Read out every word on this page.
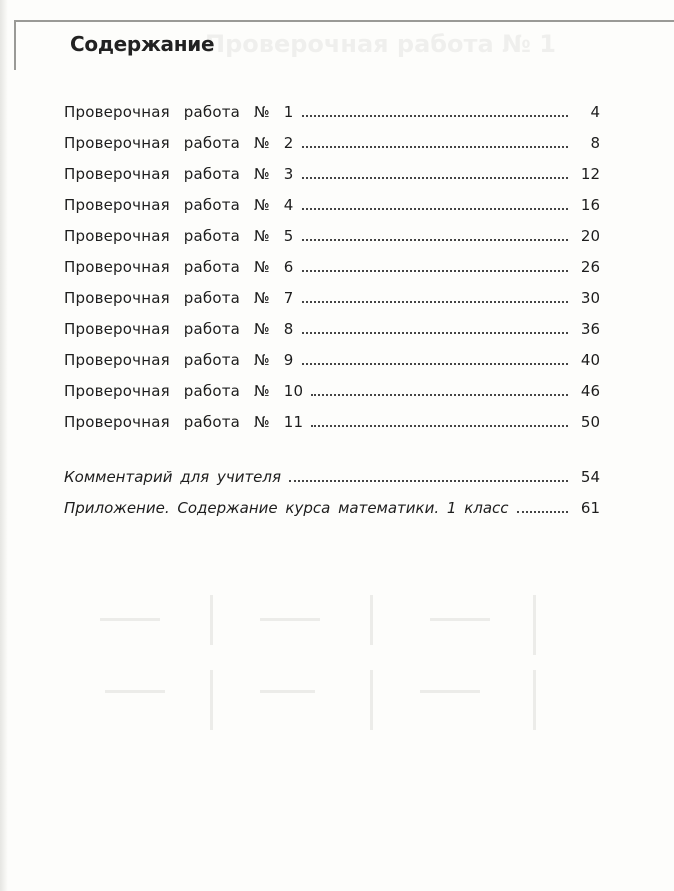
Проверочная работа № 1
Содержание
Проверочная работа № 1	4
Проверочная работа № 2	8
Проверочная работа № 3	12
Проверочная работа № 4	16
Проверочная работа № 5	20
Проверочная работа № 6	26
Проверочная работа № 7	30
Проверочная работа № 8	36
Проверочная работа № 9	40
Проверочная работа № 10	46
Проверочная работа № 11	50
Комментарий для учителя	54
Приложение. Содержание курса математики. 1 класс	61
